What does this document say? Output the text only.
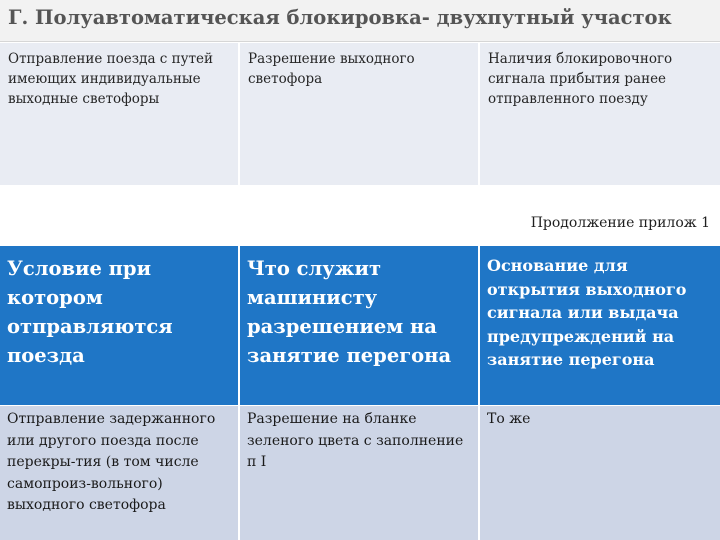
Г. Полуавтоматическая блокировка- двухпутный участок
Отправление поезда с путей имеющих индивидуальные выходные светофоры
Разрешение выходного светофора
Наличия блокировочного сигнала прибытия ранее отправленного поезду
Продолжение прилож 1
Условие при котором отправляются поезда
Что служит машинисту разрешением на занятие перегона
Основание для открытия выходного сигнала или выдача предупреждений на занятие перегона
Отправление задержанного или другого поезда после перекры-тия (в том числе самопроиз-вольного) выходного светофора
Разрешение на бланке зеленого цвета с заполнение п I
То же
